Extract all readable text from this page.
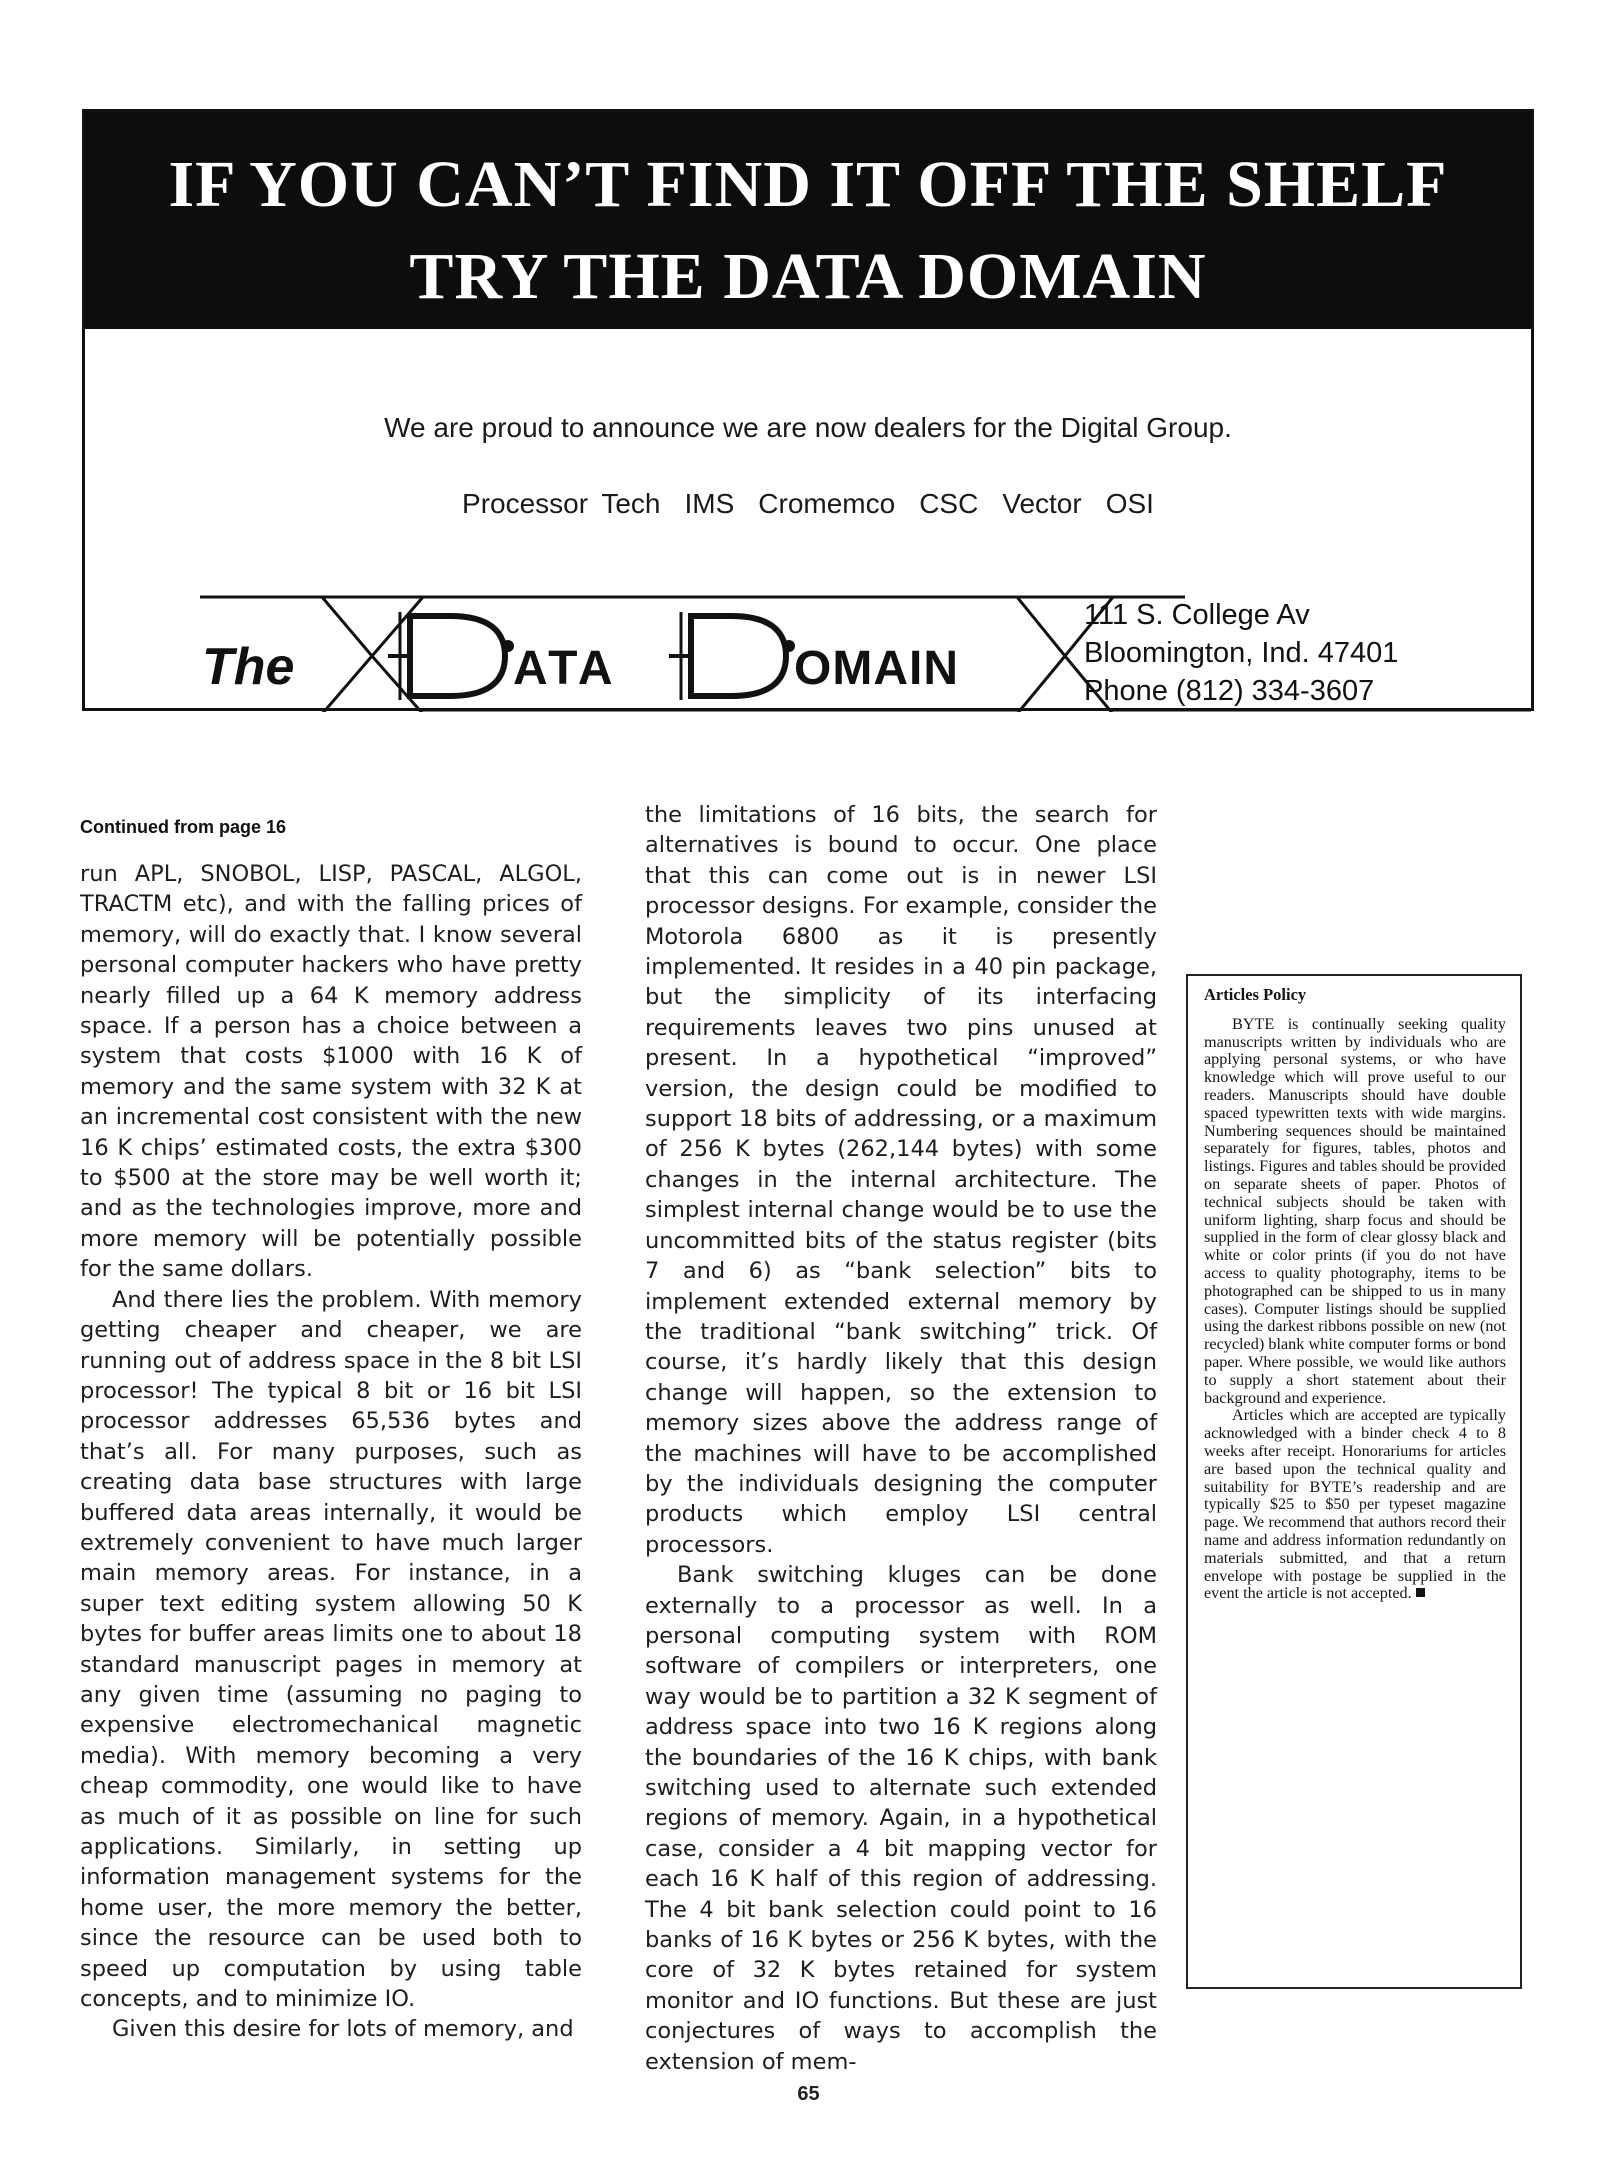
IF YOU CAN’T FIND IT OFF THE SHELF
TRY THE DATA DOMAIN
We are proud to announce we are now dealers for the Digital Group.
Processor Tech IMS Cromemco CSC Vector OSI
The	ATA	OMAIN
111 S. College Av
Bloomington, Ind. 47401
Phone (812) 334-3607
Continued from page 16

run APL, SNOBOL, LISP, PASCAL, ALGOL, TRACTM etc), and with the falling prices of memory, will do exactly that. I know several personal computer hackers who have pretty nearly filled up a 64 K memory address space. If a person has a choice between a system that costs $1000 with 16 K of memory and the same system with 32 K at an incremental cost consistent with the new 16 K chips’ estimated costs, the extra $300 to $500 at the store may be well worth it; and as the technologies improve, more and more memory will be potentially possible for the same dollars.

And there lies the problem. With memory getting cheaper and cheaper, we are running out of address space in the 8 bit LSI processor! The typical 8 bit or 16 bit LSI processor addresses 65,536 bytes and that’s all. For many purposes, such as creating data base structures with large buffered data areas internally, it would be extremely convenient to have much larger main memory areas. For instance, in a super text editing system allowing 50 K bytes for buffer areas limits one to about 18 standard manuscript pages in memory at any given time (assuming no paging to expensive electromechanical magnetic media). With memory becoming a very cheap commodity, one would like to have as much of it as possible on line for such applications. Similarly, in setting up information management systems for the home user, the more memory the better, since the resource can be used both to speed up computation by using table concepts, and to minimize IO.

Given this desire for lots of memory, and

the limitations of 16 bits, the search for alternatives is bound to occur. One place that this can come out is in newer LSI processor designs. For example, consider the Motorola 6800 as it is presently implemented. It resides in a 40 pin package, but the simplicity of its interfacing requirements leaves two pins unused at present. In a hypothetical “improved” version, the design could be modified to support 18 bits of addressing, or a maximum of 256 K bytes (262,144 bytes) with some changes in the internal architecture. The simplest internal change would be to use the uncommitted bits of the status register (bits 7 and 6) as “bank selection” bits to implement extended external memory by the traditional “bank switching” trick. Of course, it’s hardly likely that this design change will happen, so the extension to memory sizes above the address range of the machines will have to be accomplished by the individuals designing the computer products which employ LSI central processors.

Bank switching kluges can be done externally to a processor as well. In a personal computing system with ROM software of compilers or interpreters, one way would be to partition a 32 K segment of address space into two 16 K regions along the boundaries of the 16 K chips, with bank switching used to alternate such extended regions of memory. Again, in a hypothetical case, consider a 4 bit mapping vector for each 16 K half of this region of addressing. The 4 bit bank selection could point to 16 banks of 16 K bytes or 256 K bytes, with the core of 32 K bytes retained for system monitor and IO functions. But these are just conjectures of ways to accomplish the extension of mem-

Articles Policy

BYTE is continually seeking quality manuscripts written by individuals who are applying personal systems, or who have knowledge which will prove useful to our readers. Manuscripts should have double spaced typewritten texts with wide margins. Numbering sequences should be maintained separately for figures, tables, photos and listings. Figures and tables should be provided on separate sheets of paper. Photos of technical subjects should be taken with uniform lighting, sharp focus and should be supplied in the form of clear glossy black and white or color prints (if you do not have access to quality photography, items to be photographed can be shipped to us in many cases). Computer listings should be supplied using the darkest ribbons possible on new (not recycled) blank white computer forms or bond paper. Where possible, we would like authors to supply a short statement about their background and experience.

Articles which are accepted are typically acknowledged with a binder check 4 to 8 weeks after receipt. Honorariums for articles are based upon the technical quality and suitability for BYTE’s readership and are typically $25 to $50 per typeset magazine page. We recommend that authors record their name and address information redundantly on materials submitted, and that a return envelope with postage be supplied in the event the article is not accepted.

65
